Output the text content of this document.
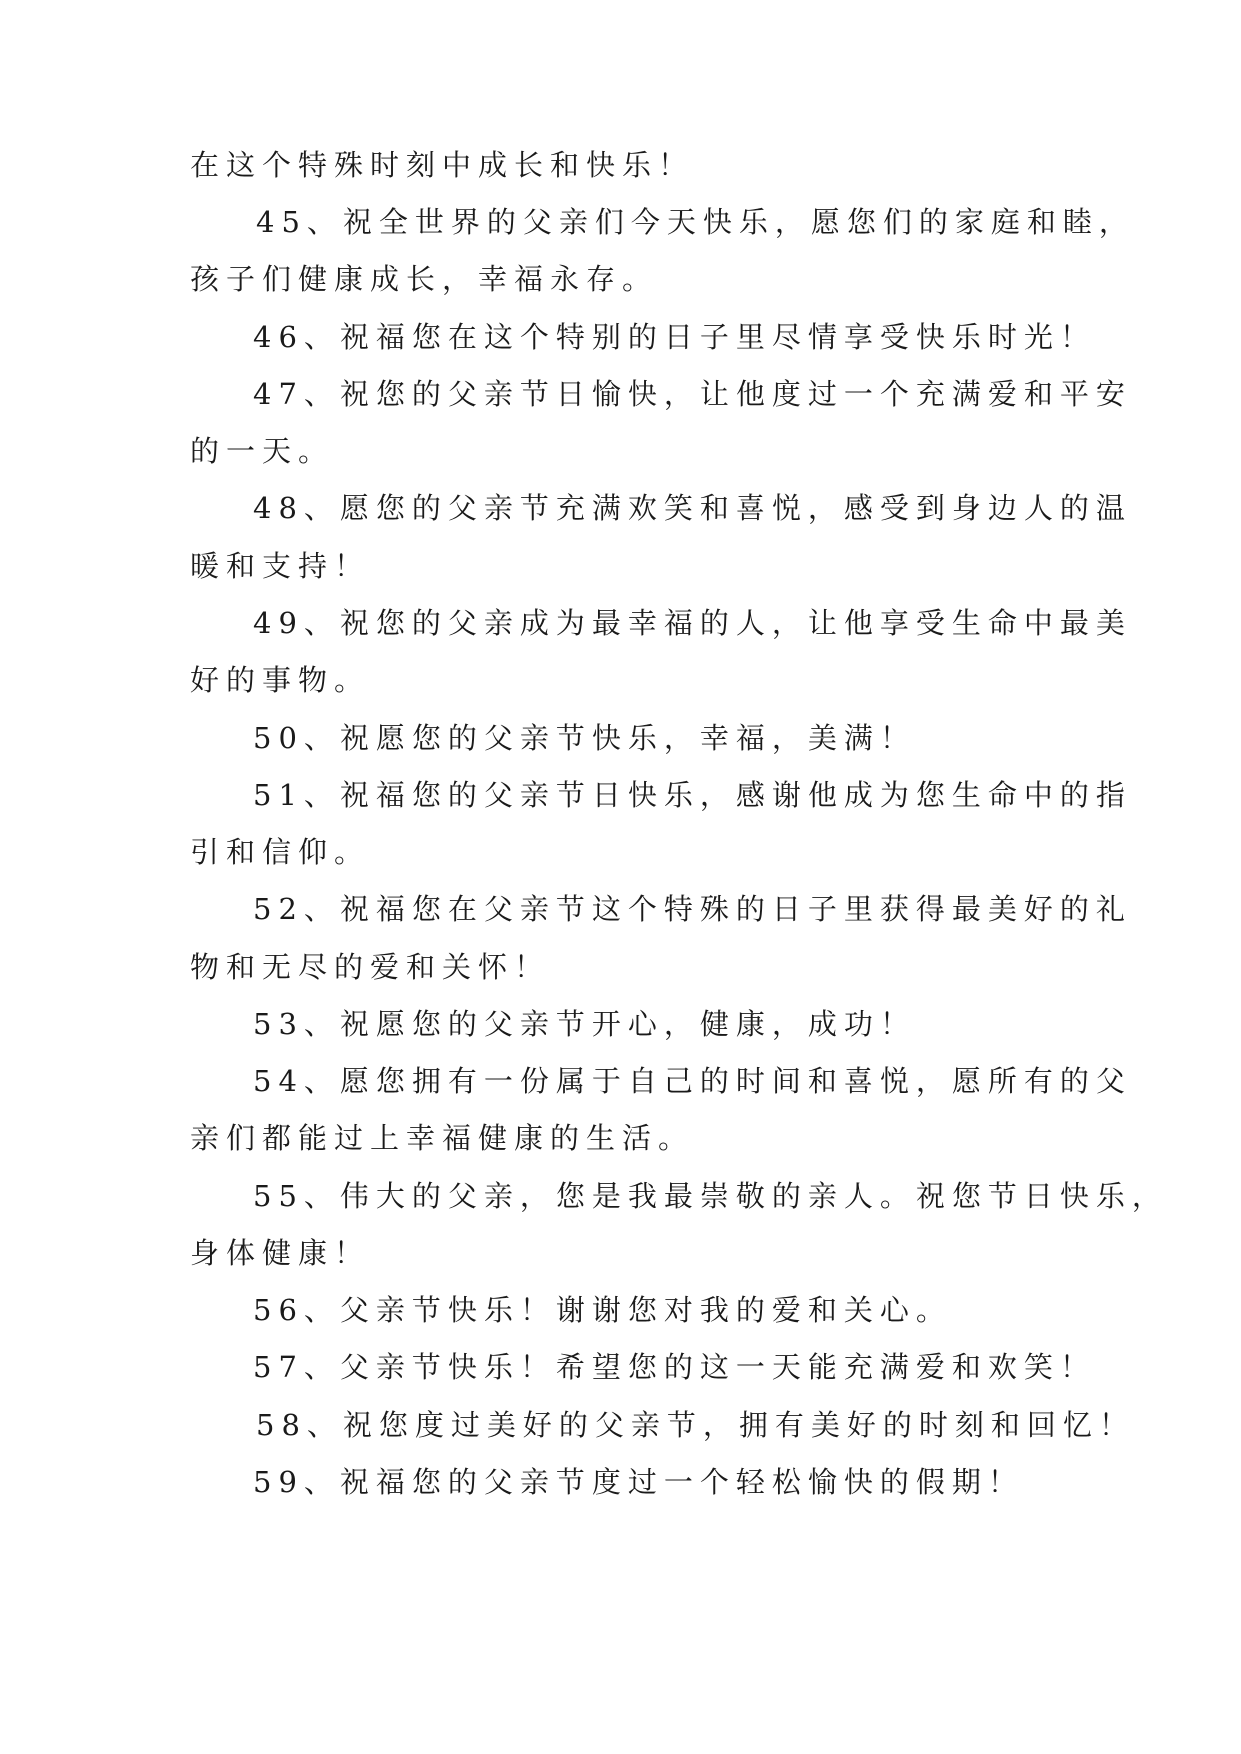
在这个特殊时刻中成长和快乐！
45、祝全世界的父亲们今天快乐，愿您们的家庭和睦，
孩子们健康成长，幸福永存。
46、祝福您在这个特别的日子里尽情享受快乐时光！
47、祝您的父亲节日愉快，让他度过一个充满爱和平安
的一天。
48、愿您的父亲节充满欢笑和喜悦，感受到身边人的温
暖和支持！
49、祝您的父亲成为最幸福的人，让他享受生命中最美
好的事物。
50、祝愿您的父亲节快乐，幸福，美满！
51、祝福您的父亲节日快乐，感谢他成为您生命中的指
引和信仰。
52、祝福您在父亲节这个特殊的日子里获得最美好的礼
物和无尽的爱和关怀！
53、祝愿您的父亲节开心，健康，成功！
54、愿您拥有一份属于自己的时间和喜悦，愿所有的父
亲们都能过上幸福健康的生活。
55、伟大的父亲，您是我最崇敬的亲人。祝您节日快乐，
身体健康！
56、父亲节快乐！谢谢您对我的爱和关心。
57、父亲节快乐！希望您的这一天能充满爱和欢笑！
58、祝您度过美好的父亲节，拥有美好的时刻和回忆！
59、祝福您的父亲节度过一个轻松愉快的假期！
